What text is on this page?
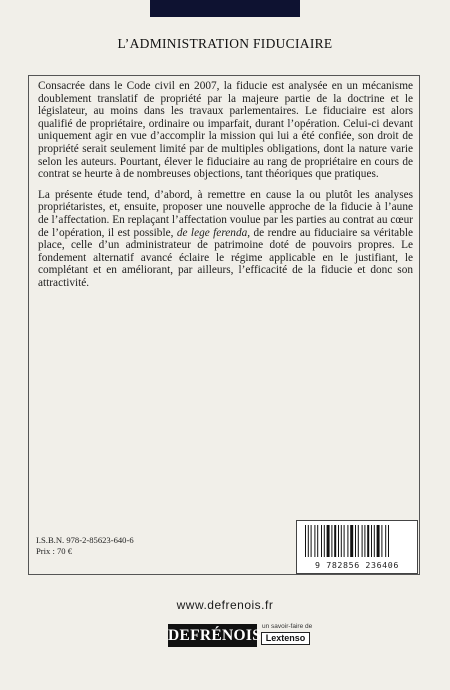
L’ADMINISTRATION FIDUCIAIRE

Consacrée dans le Code civil en 2007, la fiducie est analysée en un mécanisme doublement translatif de propriété par la majeure partie de la doctrine et le législateur, au moins dans les travaux parlementaires. Le fiduciaire est alors qualifié de propriétaire, ordinaire ou imparfait, durant l’opération. Celui-ci devant uniquement agir en vue d’accomplir la mission qui lui a été confiée, son droit de propriété serait seulement limité par de multiples obligations, dont la nature varie selon les auteurs. Pourtant, élever le fiduciaire au rang de propriétaire en cours de contrat se heurte à de nombreuses objections, tant théoriques que pratiques.

La présente étude tend, d’abord, à remettre en cause la ou plutôt les analyses propriétaristes, et, ensuite, proposer une nouvelle approche de la fiducie à l’aune de l’affectation. En replaçant l’affectation voulue par les parties au contrat au cœur de l’opération, il est possible, de lege ferenda, de rendre au fiduciaire sa véritable place, celle d’un administrateur de patrimoine doté de pouvoirs propres. Le fondement alternatif avancé éclaire le régime applicable en le justifiant, le complétant et en améliorant, par ailleurs, l’efficacité de la fiducie et donc son attractivité.

I.S.B.N. 978-2-85623-640-6
Prix : 70 €
9 782856 236406
www.defrenois.fr
DEFRÉNOIS
un savoir-faire de
Lextenso
